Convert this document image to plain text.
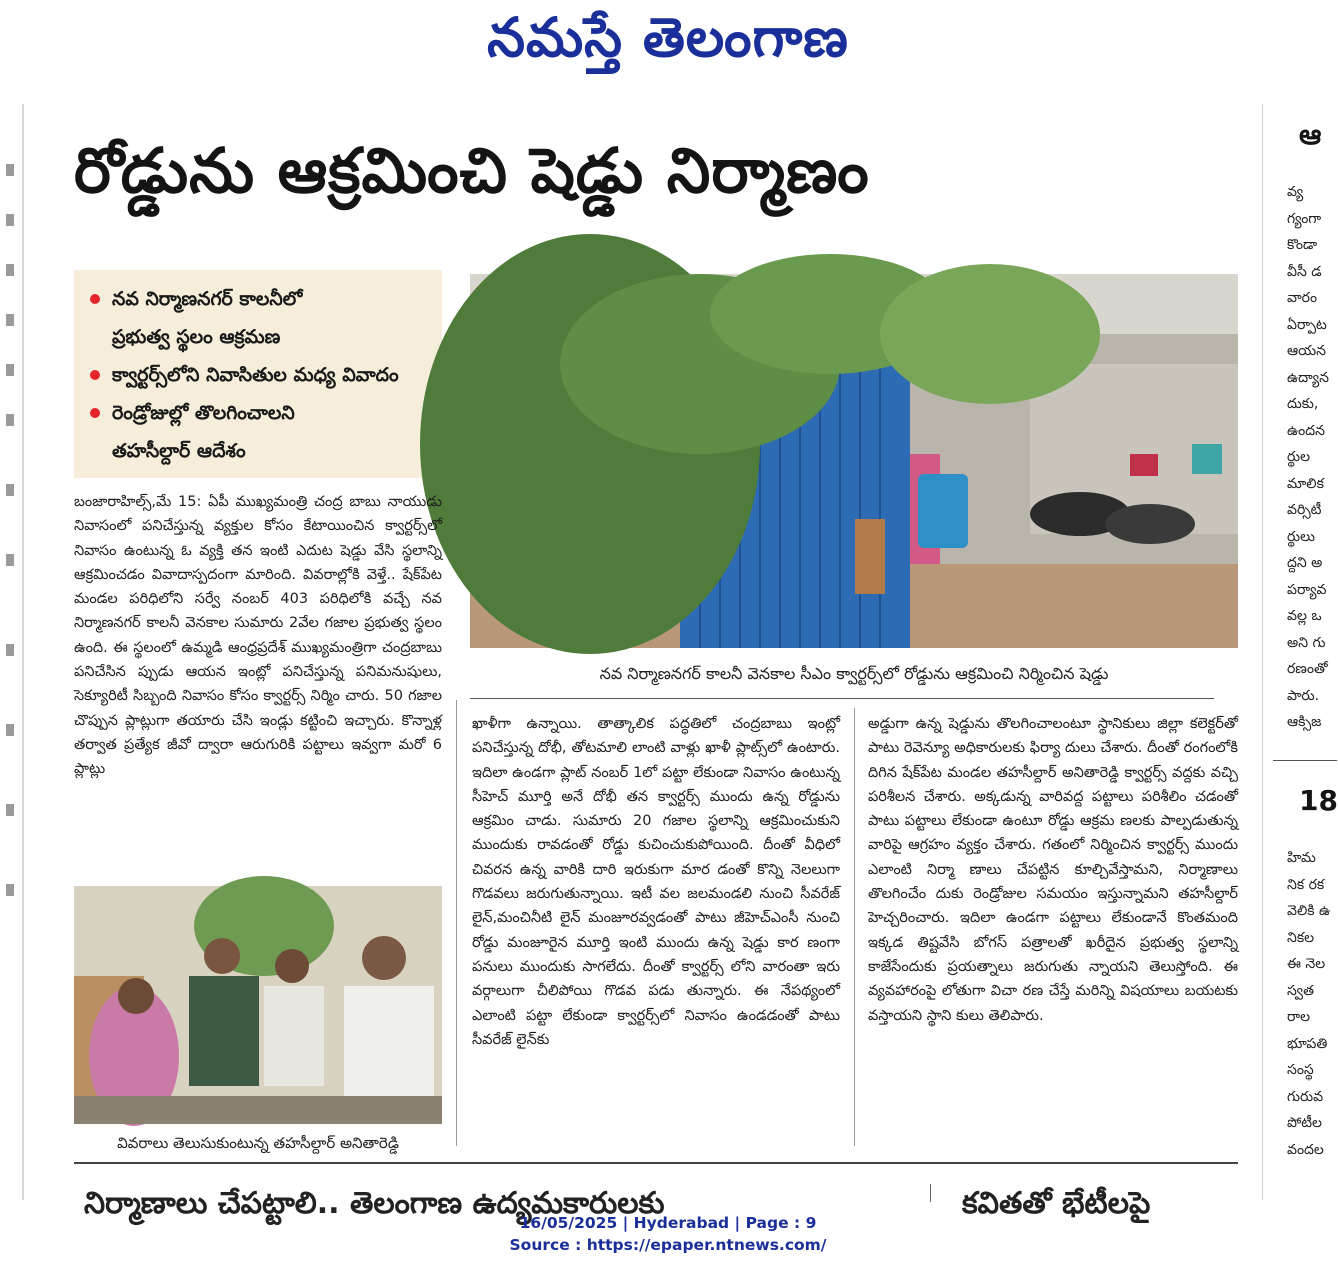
నమస్తే తెలంగాణ
రోడ్డును ఆక్రమించి షెడ్డు నిర్మాణం
నవ నిర్మాణనగర్ కాలనీలో
ప్రభుత్వ స్థలం ఆక్రమణ
క్వార్టర్స్‌లోని నివాసితుల మధ్య వివాదం
రెండ్రోజుల్లో తొలగించాలని
తహసీల్దార్ ఆదేశం
నవ నిర్మాణనగర్ కాలనీ వెనకాల సీఎం క్వార్టర్స్‌లో రోడ్డును ఆక్రమించి నిర్మించిన షెడ్డు

బంజారాహిల్స్,మే 15: ఏపీ ముఖ్యమంత్రి చంద్ర బాబు నాయుడు నివాసంలో పనిచేస్తున్న వ్యక్తుల కోసం కేటాయించిన క్వార్టర్స్‌లో నివాసం ఉంటున్న ఓ వ్యక్తి తన ఇంటి ఎదుట షెడ్డు వేసి స్థలాన్ని ఆక్రమించడం వివాదాస్పదంగా మారింది. వివరాల్లోకి వెళ్తే.. షేక్‌పేట మండల పరిధిలోని సర్వే నంబర్ 403 పరిధిలోకి వచ్చే నవ నిర్మాణనగర్ కాలనీ వెనకాల సుమారు 2వేల గజాల ప్రభుత్వ స్థలం ఉంది. ఈ స్థలంలో ఉమ్మడి ఆంధ్రప్రదేశ్ ముఖ్యమంత్రిగా చంద్రబాబు పనిచేసిన ప్పుడు ఆయన ఇంట్లో పనిచేస్తున్న పనిమనుషులు, సెక్యూరిటీ సిబ్బంది నివాసం కోసం క్వార్టర్స్ నిర్మిం చారు. 50 గజాల చొప్పున ప్లాట్లుగా తయారు చేసి ఇండ్లు కట్టించి ఇచ్చారు. కొన్నాళ్ల తర్వాత ప్రత్యేక జీవో ద్వారా ఆరుగురికి పట్టాలు ఇవ్వగా మరో 6 ప్లాట్లు

వివరాలు తెలుసుకుంటున్న తహసీల్దార్ అనితారెడ్డి

ఖాళీగా ఉన్నాయి. తాత్కాలిక పద్ధతిలో చంద్రబాబు ఇంట్లో పనిచేస్తున్న దోభీ, తోటమాలి లాంటి వాళ్లు ఖాళీ ప్లాట్స్‌లో ఉంటారు. ఇదిలా ఉండగా ప్లాట్ నంబర్ 1లో పట్టా లేకుండా నివాసం ఉంటున్న సీహెచ్ మూర్తి అనే దోభీ తన క్వార్టర్స్ ముందు ఉన్న రోడ్డును ఆక్రమిం చాడు. సుమారు 20 గజాల స్థలాన్ని ఆక్రమించుకుని ముందుకు రావడంతో రోడ్డు కుచించుకుపోయింది. దీంతో వీధిలో చివరన ఉన్న వారికి దారి ఇరుకుగా మార డంతో కొన్ని నెలలుగా గొడవలు జరుగుతున్నాయి. ఇటీ వల జలమండలి నుంచి సీవరేజ్ లైన్,మంచినీటి లైన్ మంజూరవ్వడంతో పాటు జీహెచ్‌ఎంసీ నుంచి రోడ్డు మంజూరైన మూర్తి ఇంటి ముందు ఉన్న షెడ్డు కార ణంగా పనులు ముందుకు సాగలేదు. దీంతో క్వార్టర్స్ లోని వారంతా ఇరు వర్గాలుగా చీలిపోయి గొడవ పడు తున్నారు. ఈ నేపథ్యంలో ఎలాంటి పట్టా లేకుండా క్వార్టర్స్‌లో నివాసం ఉండడంతో పాటు సీవరేజ్ లైన్‌కు

అడ్డుగా ఉన్న షెడ్డును తొలగించాలంటూ స్థానికులు జిల్లా కలెక్టర్‌తో పాటు రెవెన్యూ అధికారులకు ఫిర్యా దులు చేశారు. దీంతో రంగంలోకి దిగిన షేక్‌పేట మండల తహసీల్దార్ అనితారెడ్డి క్వార్టర్స్ వద్దకు వచ్చి పరిశీలన చేశారు. అక్కడున్న వారివద్ద పట్టాలు పరిశీలిం చడంతో పాటు పట్టాలు లేకుండా ఉంటూ రోడ్డు ఆక్రమ ణలకు పాల్పడుతున్న వారిపై ఆగ్రహం వ్యక్తం చేశారు. గతంలో నిర్మించిన క్వార్టర్స్ ముందు ఎలాంటి నిర్మా ణాలు చేపట్టిన కూల్చివేస్తామని, నిర్మాణాలు తొలగించేం దుకు రెండ్రోజుల సమయం ఇస్తున్నామని తహసీల్దార్ హెచ్చరించారు. ఇదిలా ఉండగా పట్టాలు లేకుండానే కొంతమంది ఇక్కడ తిష్టవేసి బోగస్ పత్రాలతో ఖరీదైన ప్రభుత్వ స్థలాన్ని కాజేసేందుకు ప్రయత్నాలు జరుగుతు న్నాయని తెలుస్తోంది. ఈ వ్యవహారంపై లోతుగా విచా రణ చేస్తే మరిన్ని విషయాలు బయటకు వస్తాయని స్థాని కులు తెలిపారు.

నిర్మాణాలు చేపట్టాలి.. తెలంగాణ ఉద్యమకారులకు	కవితతో భేటీలపై
ఆ
వ్య
గ్యంగా
కొండా
వీసీ డ
వారం
ఏర్పాట
ఆయన
ఉద్యాన
దుకు,
ఉందన
ర్థుల
మాలిక
వర్సిటీ
ర్థులు
ద్దని అ
పర్యావ
వల్ల ఒ
అని గు
రణంతో
పారు.
ఆక్సిజ
18
హిమ
నిక రక
వెలికి ఉ
నికల
ఈ నెల
స్వత
రాల
భూపతి
సంస్థ
గురువ
పోటీల
వందల
16/05/2025 | Hyderabad | Page : 9
Source : https://epaper.ntnews.com/
